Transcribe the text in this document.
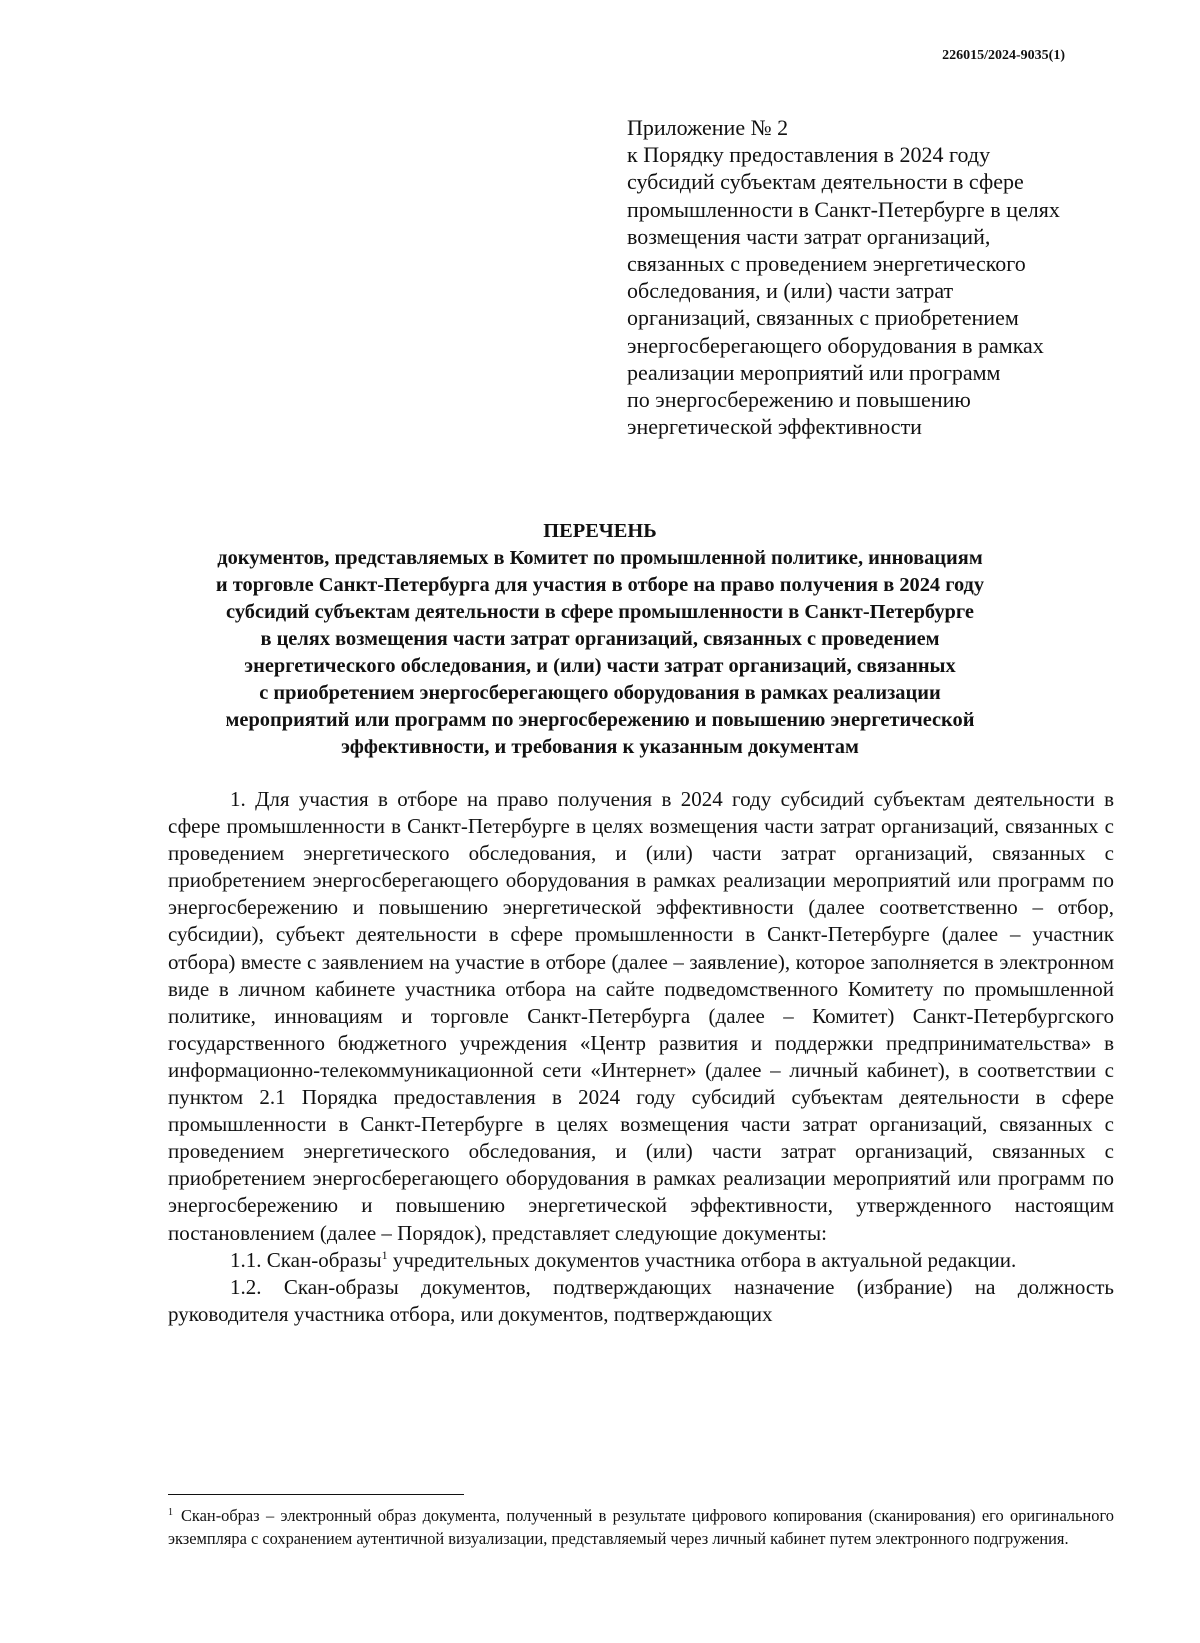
226015/2024-9035(1)
Приложение № 2
к Порядку предоставления в 2024 году
субсидий субъектам деятельности в сфере
промышленности в Санкт-Петербурге в целях
возмещения части затрат организаций,
связанных с проведением энергетического
обследования, и (или) части затрат
организаций, связанных с приобретением
энергосберегающего оборудования в рамках
реализации мероприятий или программ
по энергосбережению и повышению
энергетической эффективности
ПЕРЕЧЕНЬ
документов, представляемых в Комитет по промышленной политике, инновациям
и торговле Санкт-Петербурга для участия в отборе на право получения в 2024 году
субсидий субъектам деятельности в сфере промышленности в Санкт-Петербурге
в целях возмещения части затрат организаций, связанных с проведением
энергетического обследования, и (или) части затрат организаций, связанных
с приобретением энергосберегающего оборудования в рамках реализации
мероприятий или программ по энергосбережению и повышению энергетической
эффективности, и требования к указанным документам

1. Для участия в отборе на право получения в 2024 году субсидий субъектам деятельности в сфере промышленности в Санкт-Петербурге в целях возмещения части затрат организаций, связанных с проведением энергетического обследования, и (или) части затрат организаций, связанных с приобретением энергосберегающего оборудования в рамках реализации мероприятий или программ по энергосбережению и повышению энергетической эффективности (далее соответственно – отбор, субсидии), субъект деятельности в сфере промышленности в Санкт-Петербурге (далее – участник отбора) вместе с заявлением на участие в отборе (далее – заявление), которое заполняется в электронном виде в личном кабинете участника отбора на сайте подведомственного Комитету по промышленной политике, инновациям и торговле Санкт-Петербурга (далее – Комитет) Санкт-Петербургского государственного бюджетного учреждения «Центр развития и поддержки предпринимательства» в информационно-телекоммуникационной сети «Интернет» (далее – личный кабинет), в соответствии с пунктом 2.1 Порядка предоставления в 2024 году субсидий субъектам деятельности в сфере промышленности в Санкт-Петербурге в целях возмещения части затрат организаций, связанных с проведением энергетического обследования, и (или) части затрат организаций, связанных с приобретением энергосберегающего оборудования в рамках реализации мероприятий или программ по энергосбережению и повышению энергетической эффективности, утвержденного настоящим постановлением (далее – Порядок), представляет следующие документы:

1.1. Скан-образы$^1$ учредительных документов участника отбора в актуальной редакции.

1.2. Скан-образы документов, подтверждающих назначение (избрание) на должность руководителя участника отбора, или документов, подтверждающих

$^1$ Скан-образ – электронный образ документа, полученный в результате цифрового копирования (сканирования) его оригинального экземпляра с сохранением аутентичной визуализации, представляемый через личный кабинет путем электронного подгружения.
